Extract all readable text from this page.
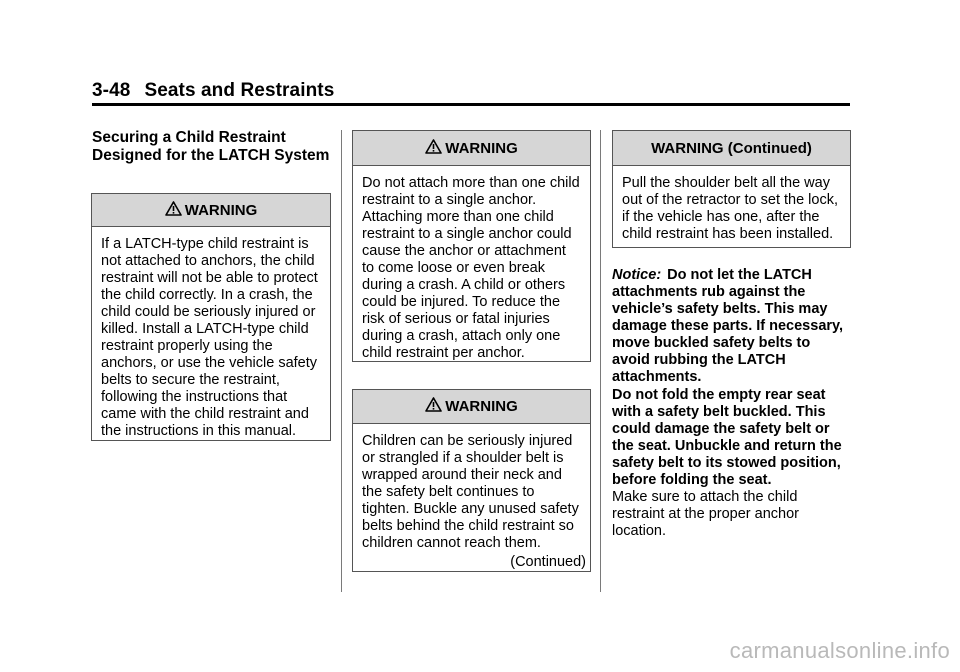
3-48 Seats and Restraints
Securing a Child Restraint Designed for the LATCH System
WARNING
If a LATCH-type child restraint is not attached to anchors, the child restraint will not be able to protect the child correctly. In a crash, the child could be seriously injured or killed. Install a LATCH-type child restraint properly using the anchors, or use the vehicle safety belts to secure the restraint, following the instructions that came with the child restraint and the instructions in this manual.
WARNING
Do not attach more than one child restraint to a single anchor. Attaching more than one child restraint to a single anchor could cause the anchor or attachment to come loose or even break during a crash. A child or others could be injured. To reduce the risk of serious or fatal injuries during a crash, attach only one child restraint per anchor.
WARNING
Children can be seriously injured or strangled if a shoulder belt is wrapped around their neck and the safety belt continues to tighten. Buckle any unused safety belts behind the child restraint so children cannot reach them.
(Continued)
WARNING (Continued)
Pull the shoulder belt all the way out of the retractor to set the lock, if the vehicle has one, after the child restraint has been installed.
Notice: Do not let the LATCH attachments rub against the vehicle’s safety belts. This may damage these parts. If necessary, move buckled safety belts to avoid rubbing the LATCH attachments.
Do not fold the empty rear seat with a safety belt buckled. This could damage the safety belt or the seat. Unbuckle and return the safety belt to its stowed position, before folding the seat.
Make sure to attach the child restraint at the proper anchor location.
carmanualsonline.info
